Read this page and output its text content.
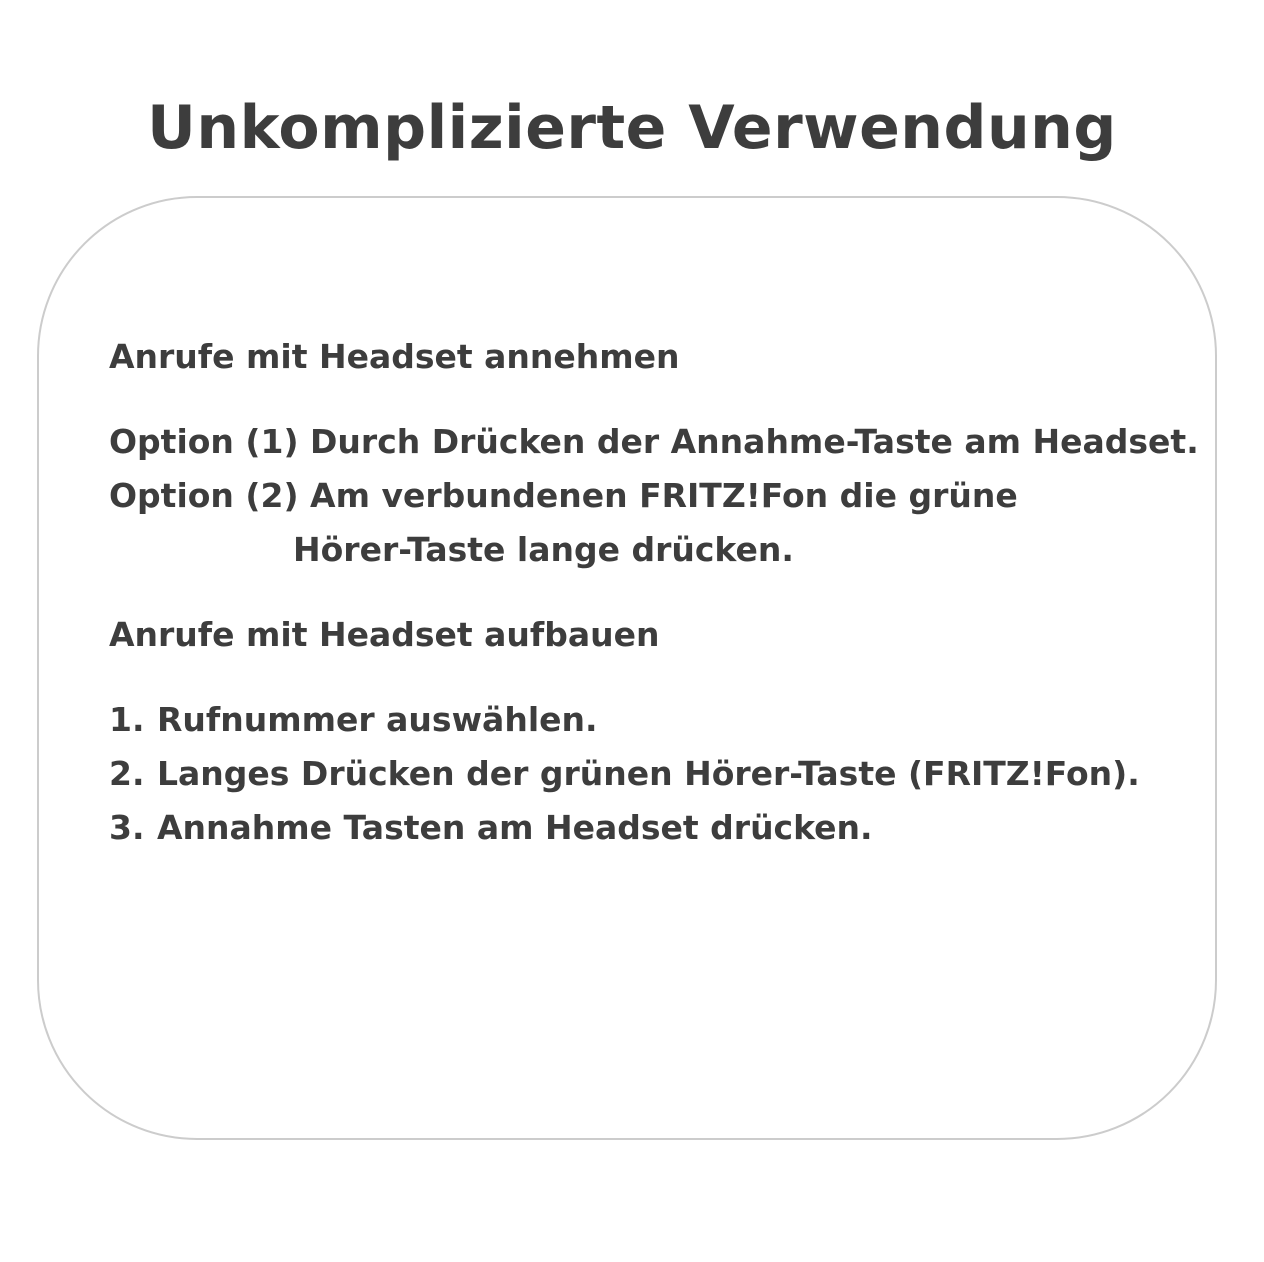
Unkomplizierte Verwendung
Anrufe mit Headset annehmen
Option (1) Durch Drücken der Annahme-Taste am Headset.
Option (2) Am verbundenen FRITZ!Fon die grüne
Hörer-Taste lange drücken.
Anrufe mit Headset aufbauen
1. Rufnummer auswählen.
2. Langes Drücken der grünen Hörer-Taste (FRITZ!Fon).
3. Annahme Tasten am Headset drücken.
